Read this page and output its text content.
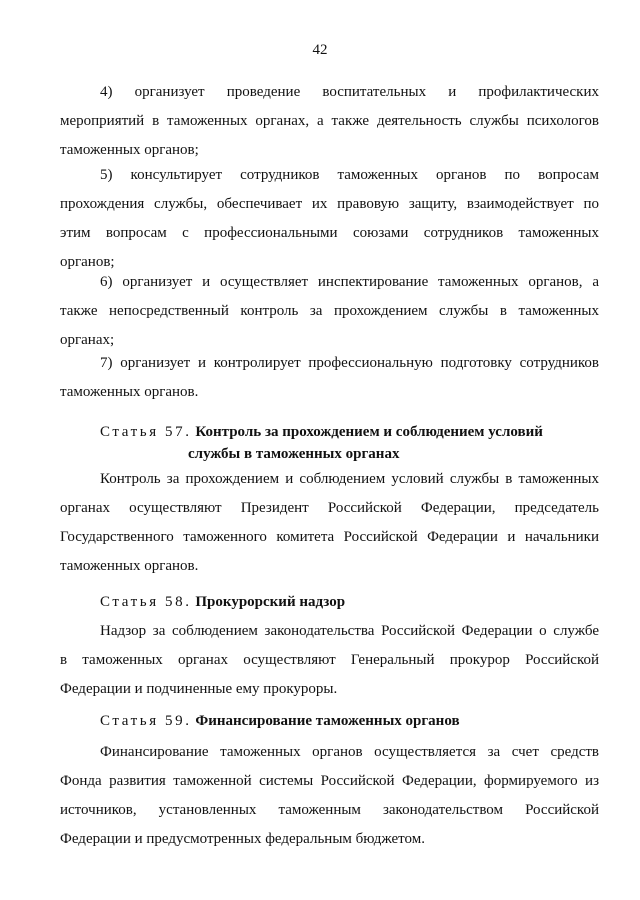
42
4) организует проведение воспитательных и профилактических
мероприятий в таможенных органах, а также деятельность службы психологов
таможенных органов;
5) консультирует сотрудников таможенных органов по вопросам
прохождения службы, обеспечивает их правовую защиту, взаимодействует по
этим вопросам с профессиональными союзами сотрудников таможенных
органов;
6) организует и осуществляет инспектирование таможенных органов, а
также непосредственный контроль за прохождением службы в таможенных
органах;
7) организует и контролирует профессиональную подготовку сотрудников
таможенных органов.
Статья 57. Контроль за прохождением и соблюдением условий
службы в таможенных органах
Контроль за прохождением и соблюдением условий службы в таможенных
органах осуществляют Президент Российской Федерации, председатель
Государственного таможенного комитета Российской Федерации и начальники
таможенных органов.
Статья 58. Прокурорский надзор
Надзор за соблюдением законодательства Российской Федерации о службе
в таможенных органах осуществляют Генеральный прокурор Российской
Федерации и подчиненные ему прокуроры.
Статья 59. Финансирование таможенных органов
Финансирование таможенных органов осуществляется за счет средств
Фонда развития таможенной системы Российской Федерации, формируемого из
источников, установленных таможенным законодательством Российской
Федерации и предусмотренных федеральным бюджетом.
